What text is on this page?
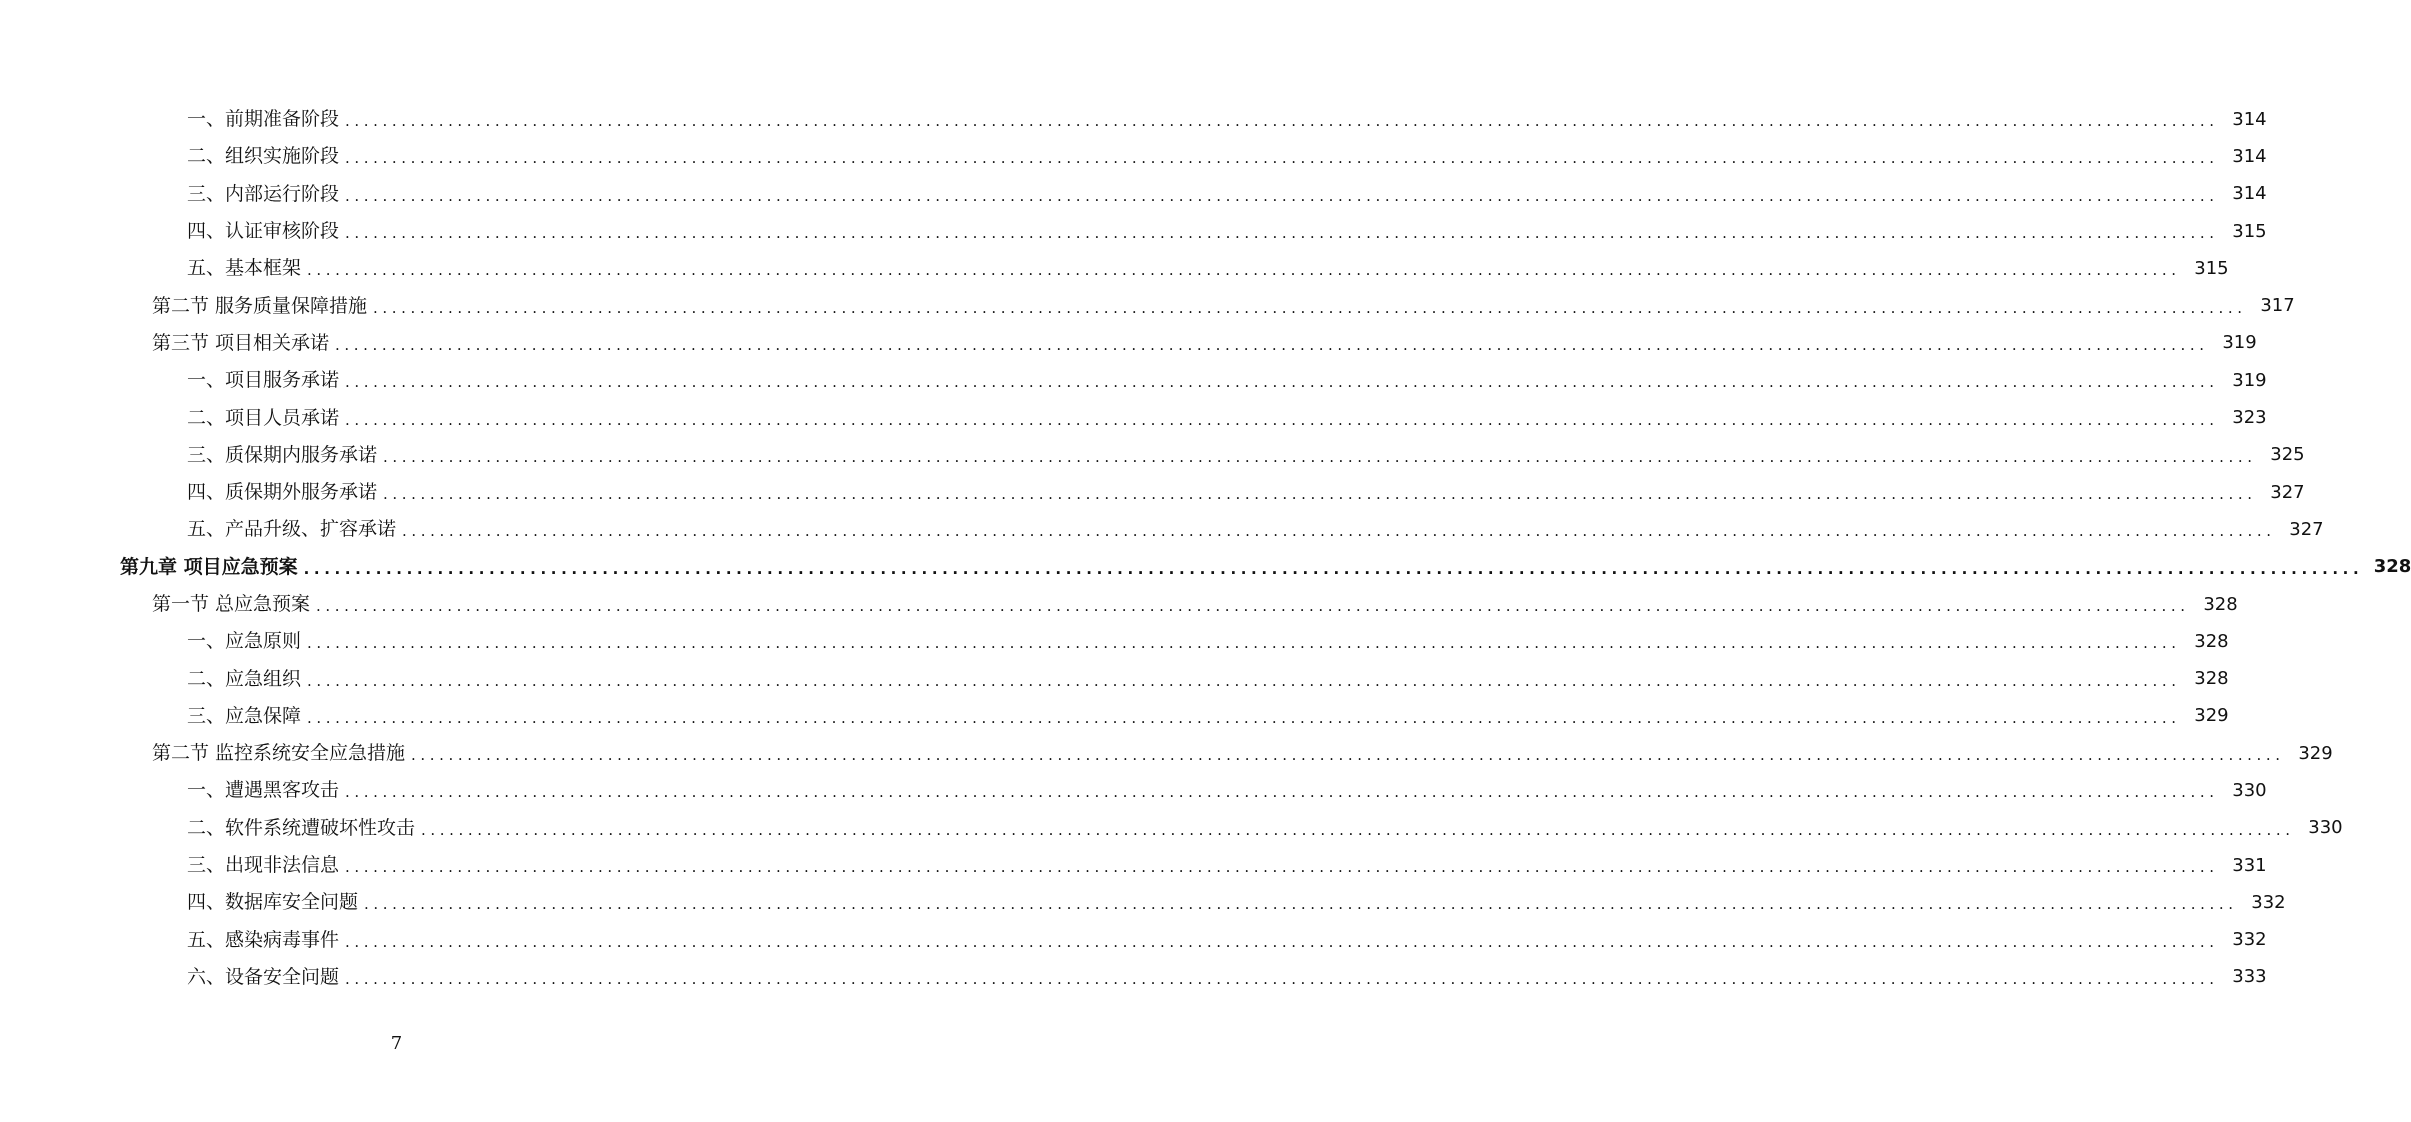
一、前期准备阶段 ........................................................................................................................................................................................................ 314
二、组织实施阶段 ........................................................................................................................................................................................................ 314
三、内部运行阶段 ........................................................................................................................................................................................................ 314
四、认证审核阶段 ........................................................................................................................................................................................................ 315
五、基本框架 ........................................................................................................................................................................................................ 315
第二节 服务质量保障措施 ........................................................................................................................................................................................................ 317
第三节 项目相关承诺 ........................................................................................................................................................................................................ 319
一、项目服务承诺 ........................................................................................................................................................................................................ 319
二、项目人员承诺 ........................................................................................................................................................................................................ 323
三、质保期内服务承诺 ........................................................................................................................................................................................................ 325
四、质保期外服务承诺 ........................................................................................................................................................................................................ 327
五、产品升级、扩容承诺 ........................................................................................................................................................................................................ 327
第九章 项目应急预案 ........................................................................................................................................................................................................ 328
第一节 总应急预案 ........................................................................................................................................................................................................ 328
一、应急原则 ........................................................................................................................................................................................................ 328
二、应急组织 ........................................................................................................................................................................................................ 328
三、应急保障 ........................................................................................................................................................................................................ 329
第二节 监控系统安全应急措施 ........................................................................................................................................................................................................ 329
一、遭遇黑客攻击 ........................................................................................................................................................................................................ 330
二、软件系统遭破坏性攻击 ........................................................................................................................................................................................................ 330
三、出现非法信息 ........................................................................................................................................................................................................ 331
四、数据库安全问题 ........................................................................................................................................................................................................ 332
五、感染病毒事件 ........................................................................................................................................................................................................ 332
六、设备安全问题 ........................................................................................................................................................................................................ 333
7
